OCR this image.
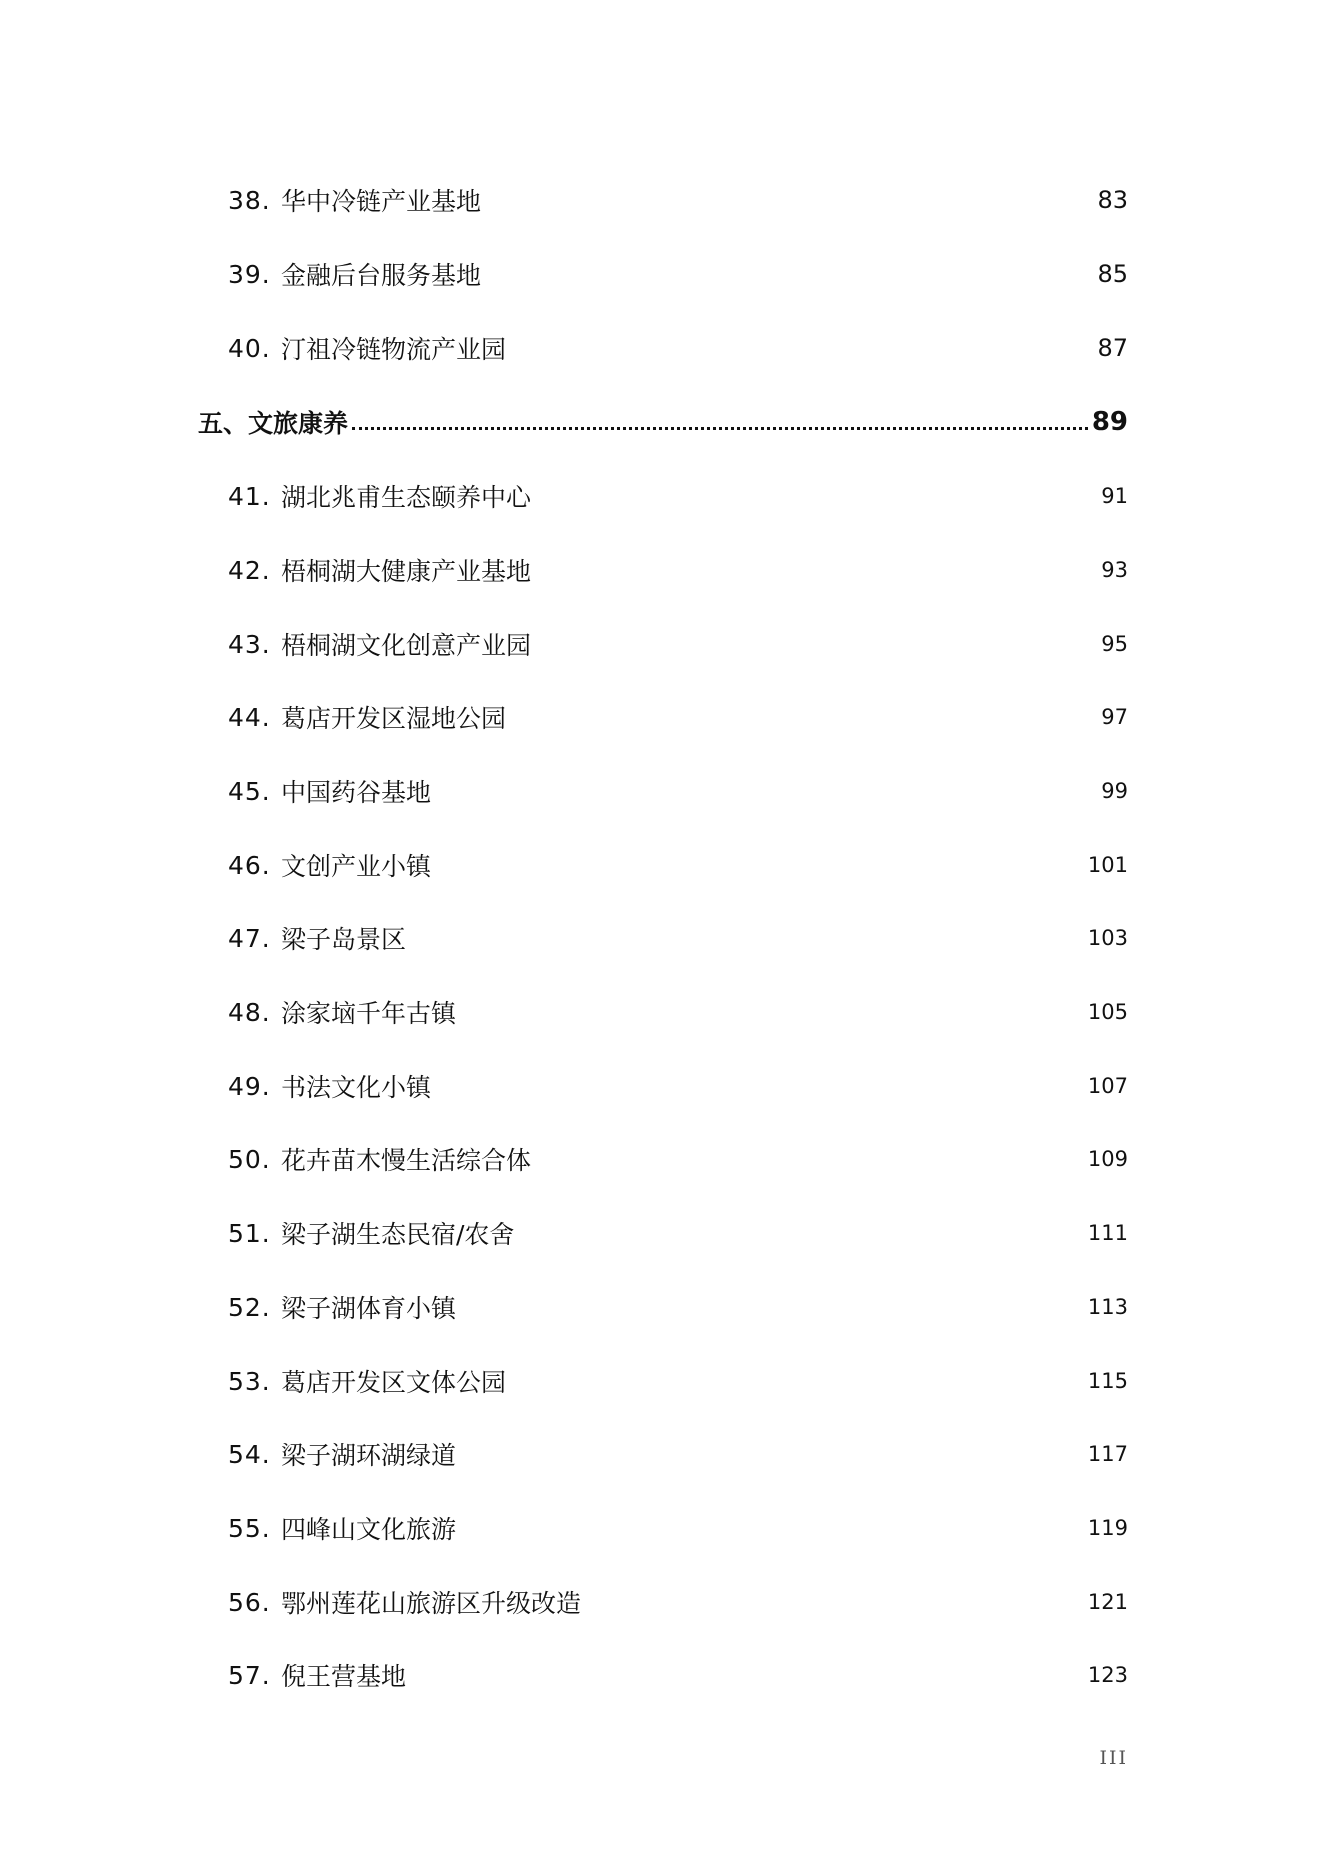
38. 华中冷链产业基地	83
39. 金融后台服务基地	85
40. 汀祖冷链物流产业园	87
五、文旅康养	89
41. 湖北兆甫生态颐养中心	91
42. 梧桐湖大健康产业基地	93
43. 梧桐湖文化创意产业园	95
44. 葛店开发区湿地公园	97
45. 中国药谷基地	99
46. 文创产业小镇	101
47. 梁子岛景区	103
48. 涂家垴千年古镇	105
49. 书法文化小镇	107
50. 花卉苗木慢生活综合体	109
51. 梁子湖生态民宿/农舍	111
52. 梁子湖体育小镇	113
53. 葛店开发区文体公园	115
54. 梁子湖环湖绿道	117
55. 四峰山文化旅游	119
56. 鄂州莲花山旅游区升级改造	121
57. 倪王营基地	123
III
